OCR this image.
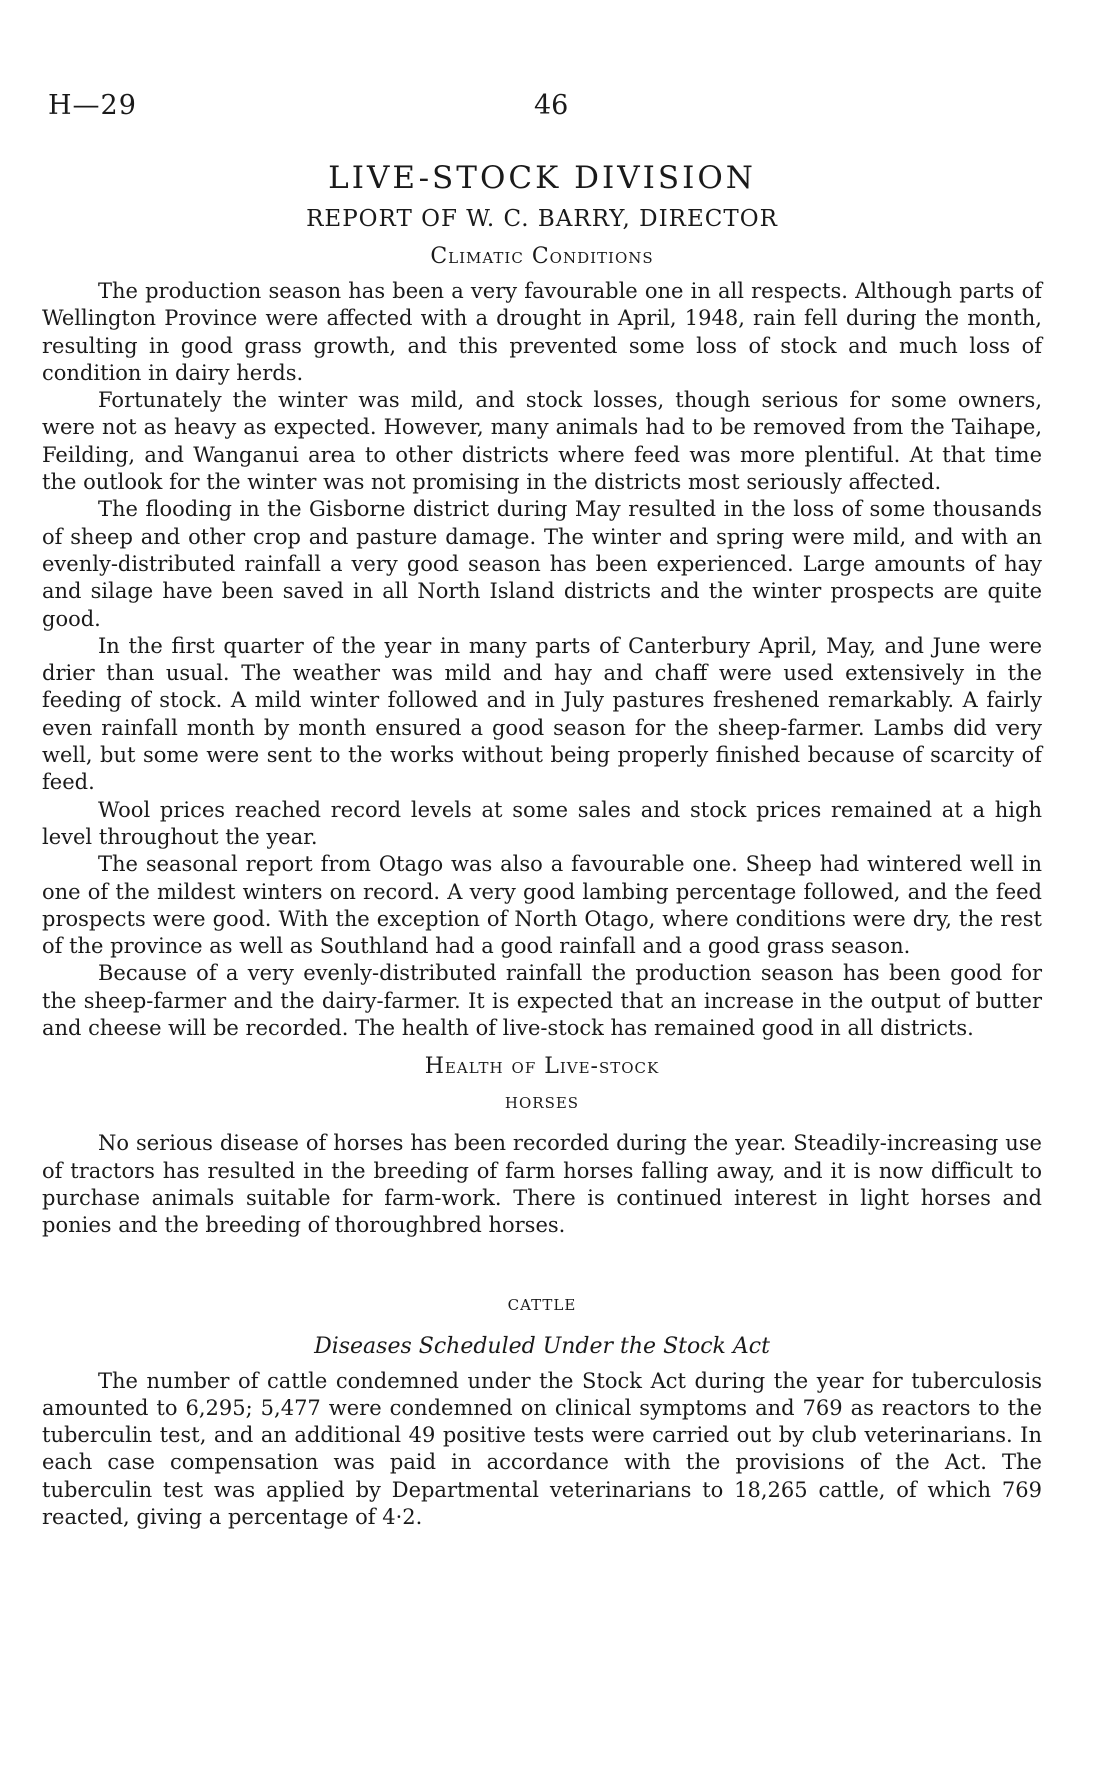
H—29	46
LIVE-STOCK DIVISION
REPORT OF W. C. BARRY, DIRECTOR
Climatic Conditions

The production season has been a very favourable one in all respects. Although parts of Wellington Province were affected with a drought in April, 1948, rain fell during the month, resulting in good grass growth, and this prevented some loss of stock and much loss of condition in dairy herds.

Fortunately the winter was mild, and stock losses, though serious for some owners, were not as heavy as expected. However, many animals had to be removed from the Taihape, Feilding, and Wanganui area to other districts where feed was more plentiful. At that time the outlook for the winter was not promising in the districts most seriously affected.

The flooding in the Gisborne district during May resulted in the loss of some thousands of sheep and other crop and pasture damage. The winter and spring were mild, and with an evenly-distributed rainfall a very good season has been experienced. Large amounts of hay and silage have been saved in all North Island districts and the winter prospects are quite good.

In the first quarter of the year in many parts of Canterbury April, May, and June were drier than usual. The weather was mild and hay and chaff were used extensively in the feeding of stock. A mild winter followed and in July pastures freshened remarkably. A fairly even rainfall month by month ensured a good season for the sheep-farmer. Lambs did very well, but some were sent to the works without being properly finished because of scarcity of feed.

Wool prices reached record levels at some sales and stock prices remained at a high level throughout the year.

The seasonal report from Otago was also a favourable one. Sheep had wintered well in one of the mildest winters on record. A very good lambing percentage followed, and the feed prospects were good. With the exception of North Otago, where conditions were dry, the rest of the province as well as Southland had a good rainfall and a good grass season.

Because of a very evenly-distributed rainfall the production season has been good for the sheep-farmer and the dairy-farmer. It is expected that an increase in the output of butter and cheese will be recorded. The health of live-stock has remained good in all districts.

Health of Live-stock
HORSES

No serious disease of horses has been recorded during the year. Steadily-increasing use of tractors has resulted in the breeding of farm horses falling away, and it is now difficult to purchase animals suitable for farm-work. There is continued interest in light horses and ponies and the breeding of thoroughbred horses.

CATTLE
Diseases Scheduled Under the Stock Act

The number of cattle condemned under the Stock Act during the year for tuberculosis amounted to 6,295; 5,477 were condemned on clinical symptoms and 769 as reactors to the tuberculin test, and an additional 49 positive tests were carried out by club veterinarians. In each case compensation was paid in accordance with the provisions of the Act. The tuberculin test was applied by Departmental veterinarians to 18,265 cattle, of which 769 reacted, giving a percentage of 4·2.
